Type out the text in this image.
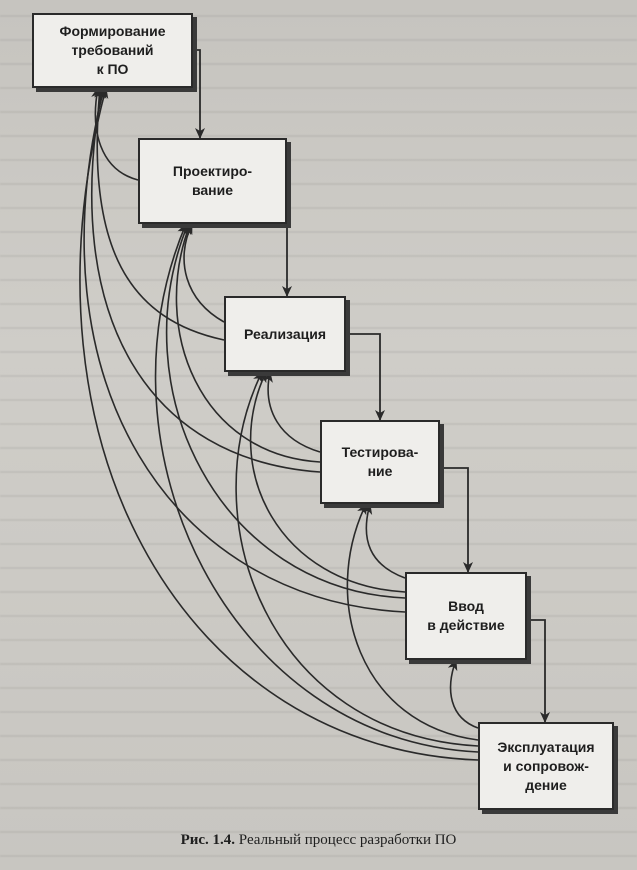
Формирование
требований
к ПО
Проектиро-
вание
Реализация
Тестирова-
ние
Ввод
в действие
Эксплуатация
и сопровож-
дение
Рис. 1.4. Реальный процесс разработки ПО
